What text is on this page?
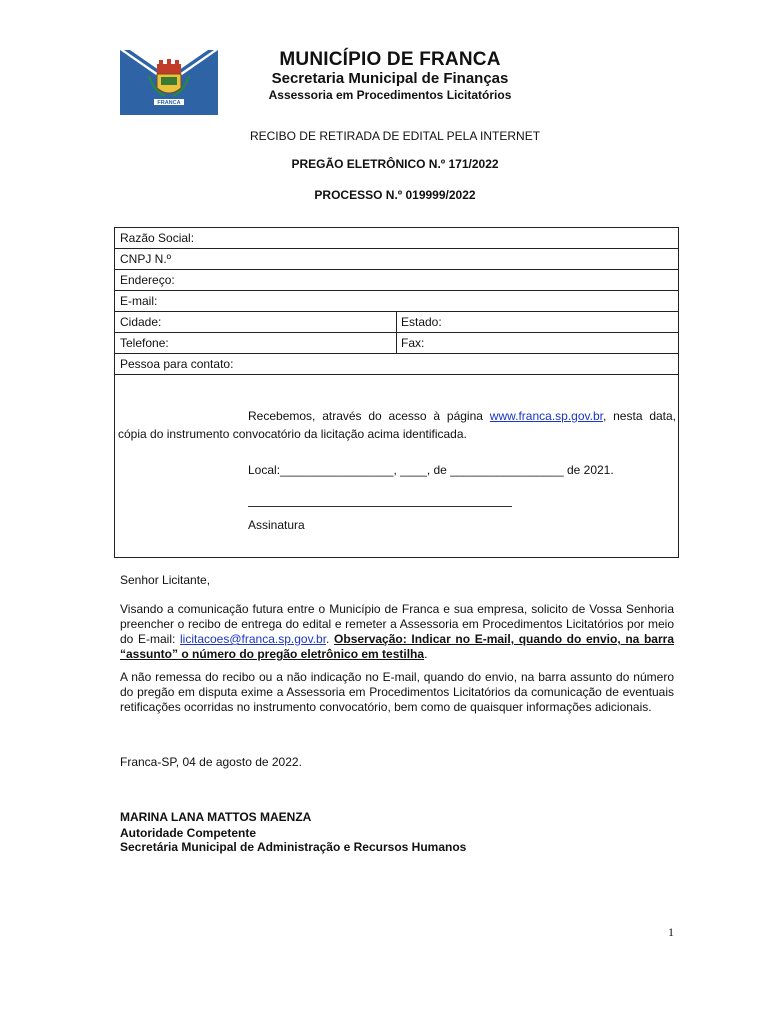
FRANCA
MUNICÍPIO DE FRANCA
Secretaria Municipal de Finanças
Assessoria em Procedimentos Licitatórios
RECIBO DE RETIRADA DE EDITAL PELA INTERNET
PREGÃO ELETRÔNICO N.º 171/2022
PROCESSO N.º 019999/2022
Razão Social:
CNPJ N.º
Endereço:
E-mail:
Cidade:	Estado:
Telefone:	Fax:
Pessoa para contato:
Recebemos, através do acesso à página www.franca.sp.gov.br, nesta data, cópia do instrumento convocatório da licitação acima identificada.
Local:_________________, ____, de _________________ de 2021.
Assinatura
Senhor Licitante,
Visando a comunicação futura entre o Município de Franca e sua empresa, solicito de Vossa Senhoria preencher o recibo de entrega do edital e remeter a Assessoria em Procedimentos Licitatórios por meio do E-mail: licitacoes@franca.sp.gov.br. Observação: Indicar no E-mail, quando do envio, na barra “assunto” o número do pregão eletrônico em testilha.
A não remessa do recibo ou a não indicação no E-mail, quando do envio, na barra assunto do número do pregão em disputa exime a Assessoria em Procedimentos Licitatórios da comunicação de eventuais retificações ocorridas no instrumento convocatório, bem como de quaisquer informações adicionais.
Franca-SP, 04 de agosto de 2022.
MARINA LANA MATTOS MAENZA
Autoridade Competente
Secretária Municipal de Administração e Recursos Humanos
1
